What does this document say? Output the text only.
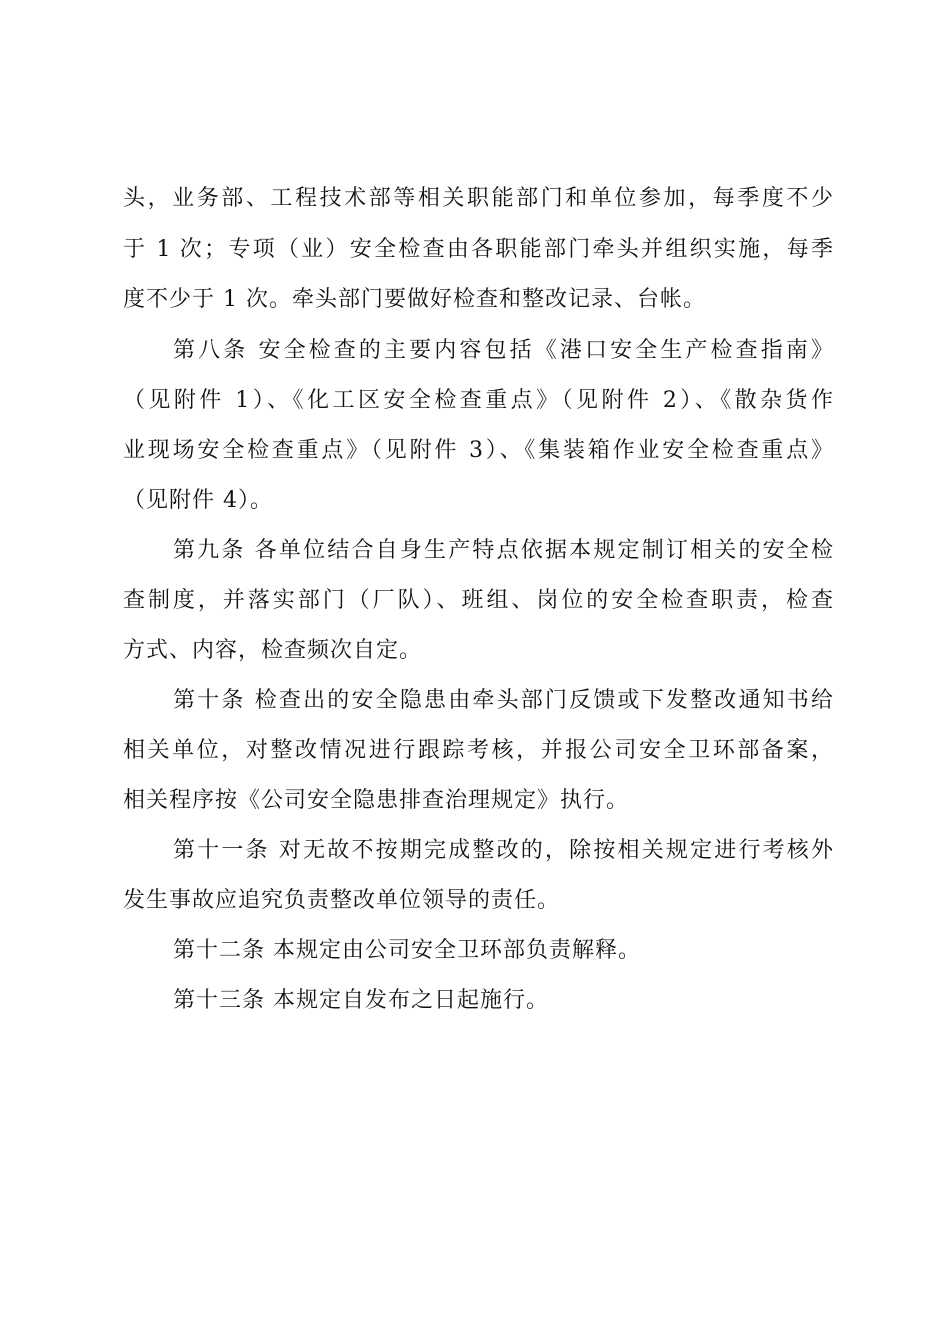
头，业务部、工程技术部等相关职能部门和单位参加，每季度不少
于 1 次；专项（业）安全检查由各职能部门牵头并组织实施，每季
度不少于 1 次。牵头部门要做好检查和整改记录、台帐。
第八条 安全检查的主要内容包括《港口安全生产检查指南》
（见附件 1）、《化工区安全检查重点》（见附件 2）、《散杂货作
业现场安全检查重点》（见附件 3）、《集装箱作业安全检查重点》
（见附件 4）。
第九条 各单位结合自身生产特点依据本规定制订相关的安全检
查制度，并落实部门（厂队）、班组、岗位的安全检查职责，检查
方式、内容，检查频次自定。
第十条 检查出的安全隐患由牵头部门反馈或下发整改通知书给
相关单位，对整改情况进行跟踪考核，并报公司安全卫环部备案，
相关程序按《公司安全隐患排查治理规定》执行。
第十一条 对无故不按期完成整改的，除按相关规定进行考核外
发生事故应追究负责整改单位领导的责任。
第十二条 本规定由公司安全卫环部负责解释。
第十三条 本规定自发布之日起施行。
